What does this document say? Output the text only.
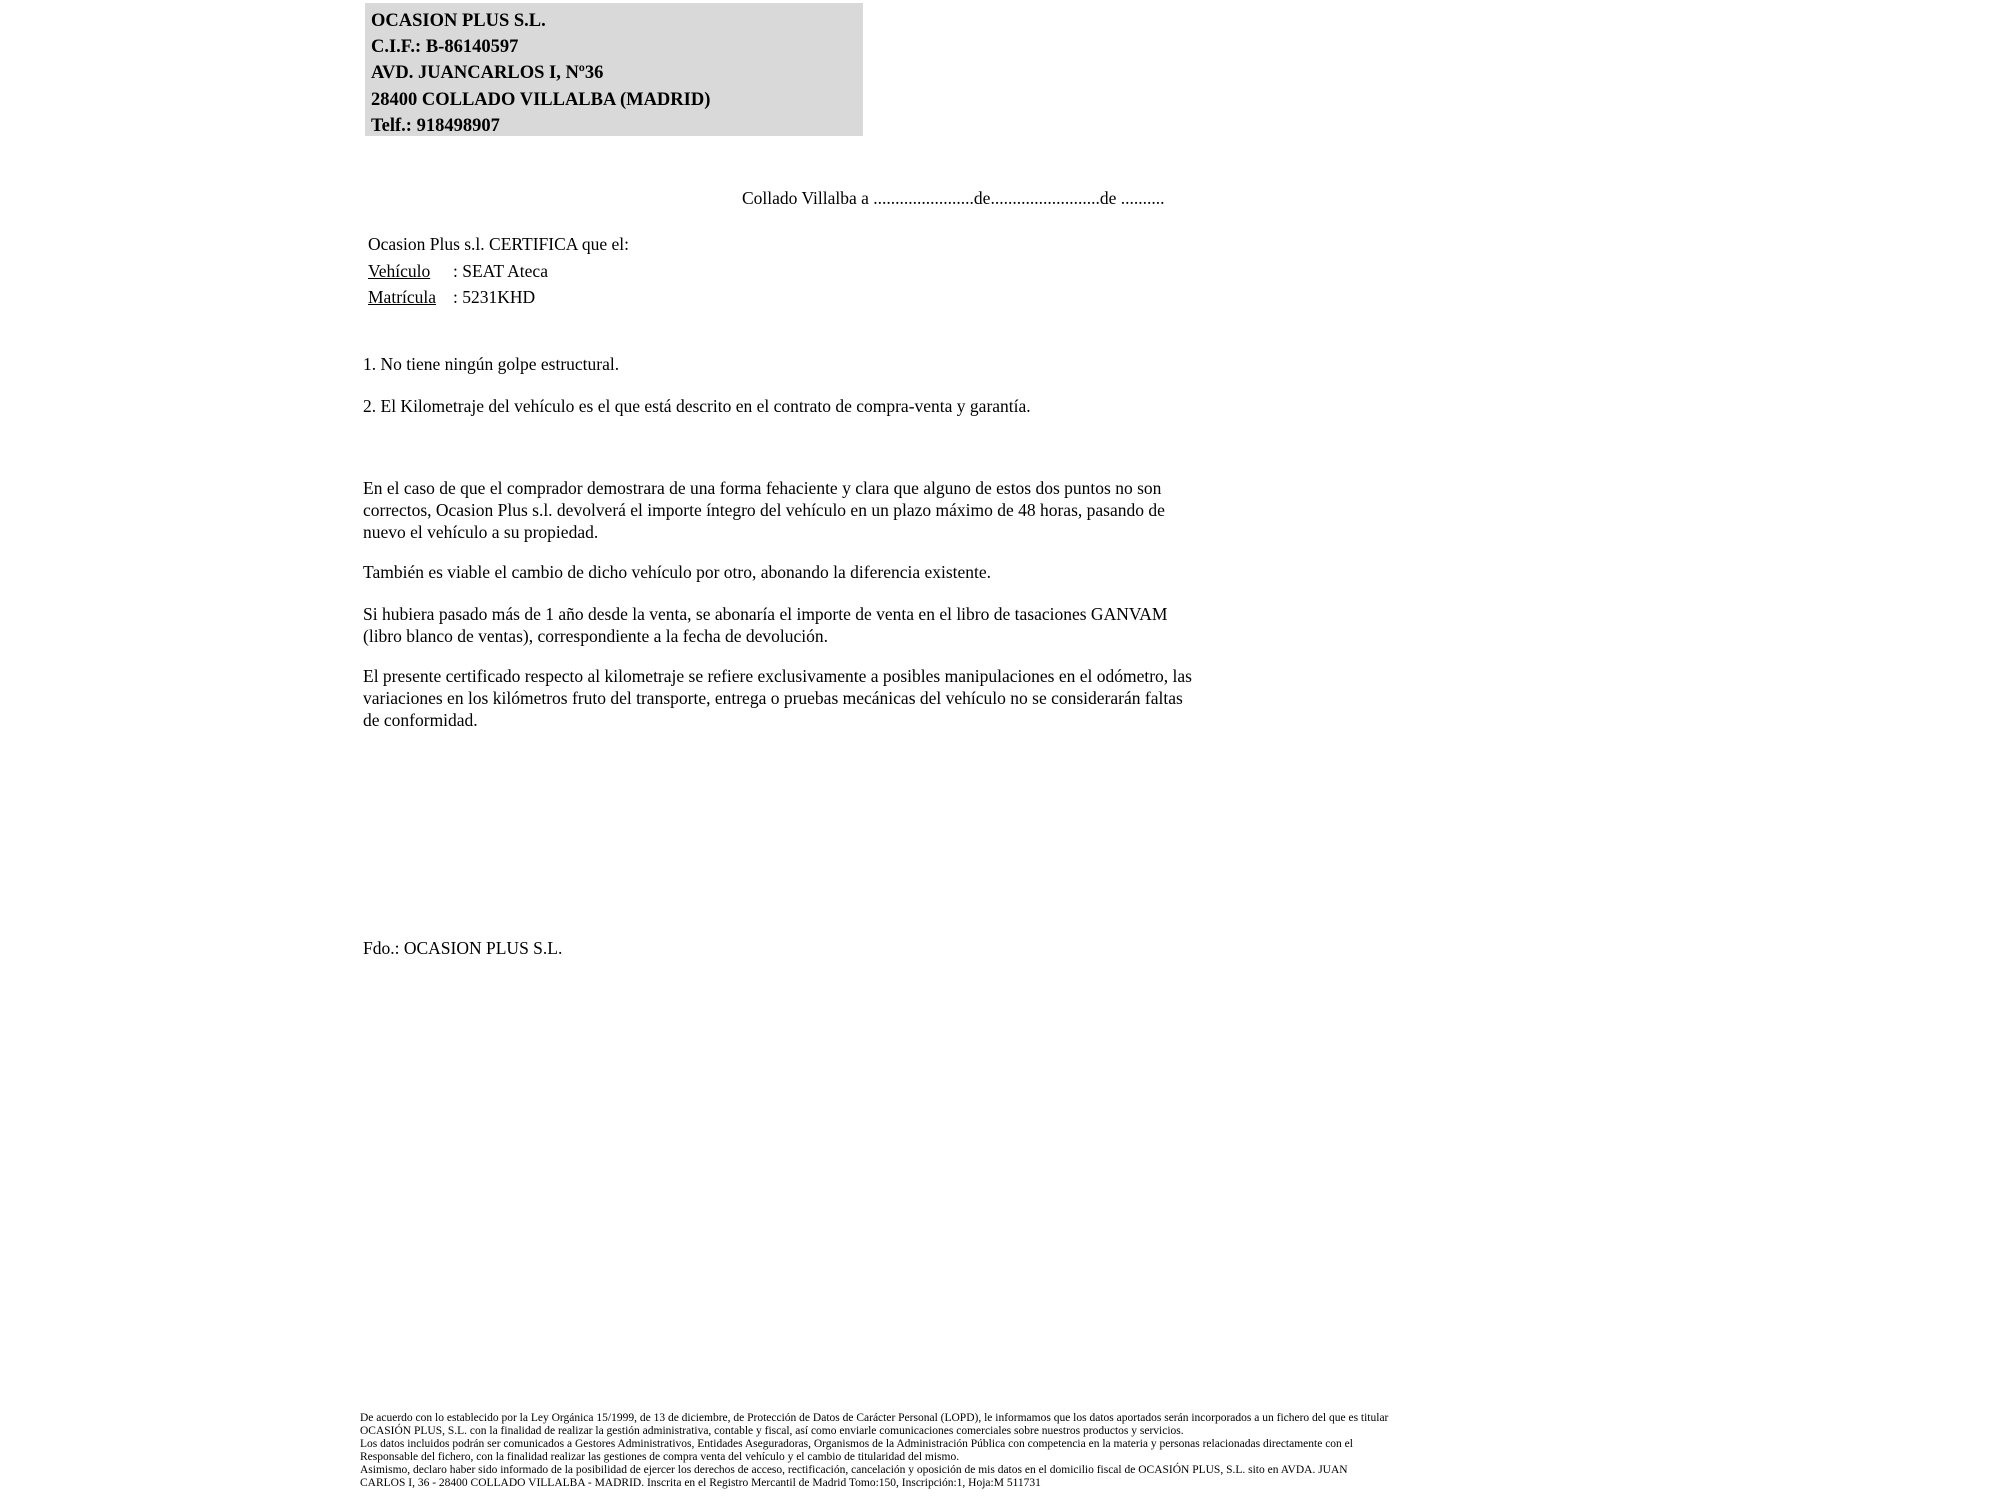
OCASION PLUS S.L.
C.I.F.: B-86140597
AVD. JUANCARLOS I, Nº36
28400 COLLADO VILLALBA (MADRID)
Telf.: 918498907
Collado Villalba a .......................de.........................de ..........
Ocasion Plus s.l. CERTIFICA que el:
Vehículo : SEAT Ateca
Matrícula : 5231KHD
1. No tiene ningún golpe estructural.
2. El Kilometraje del vehículo es el que está descrito en el contrato de compra-venta y garantía.
En el caso de que el comprador demostrara de una forma fehaciente y clara que alguno de estos dos puntos no son correctos, Ocasion Plus s.l. devolverá el importe íntegro del vehículo en un plazo máximo de 48 horas, pasando de nuevo el vehículo a su propiedad.
También es viable el cambio de dicho vehículo por otro, abonando la diferencia existente.
Si hubiera pasado más de 1 año desde la venta, se abonaría el importe de venta en el libro de tasaciones GANVAM (libro blanco de ventas), correspondiente a la fecha de devolución.
El presente certificado respecto al kilometraje se refiere exclusivamente a posibles manipulaciones en el odómetro, las variaciones en los kilómetros fruto del transporte, entrega o pruebas mecánicas del vehículo no se considerarán faltas de conformidad.
Fdo.: OCASION PLUS S.L.
De acuerdo con lo establecido por la Ley Orgánica 15/1999, de 13 de diciembre, de Protección de Datos de Carácter Personal (LOPD), le informamos que los datos aportados serán incorporados a un fichero del que es titular
OCASIÓN PLUS, S.L. con la finalidad de realizar la gestión administrativa, contable y fiscal, así como enviarle comunicaciones comerciales sobre nuestros productos y servicios.
Los datos incluidos podrán ser comunicados a Gestores Administrativos, Entidades Aseguradoras, Organismos de la Administración Pública con competencia en la materia y personas relacionadas directamente con el
Responsable del fichero, con la finalidad realizar las gestiones de compra venta del vehículo y el cambio de titularidad del mismo.
Asimismo, declaro haber sido informado de la posibilidad de ejercer los derechos de acceso, rectificación, cancelación y oposición de mis datos en el domicilio fiscal de OCASIÓN PLUS, S.L. sito en AVDA. JUAN
CARLOS I, 36 - 28400 COLLADO VILLALBA - MADRID. Inscrita en el Registro Mercantil de Madrid Tomo:150, Inscripción:1, Hoja:M 511731
